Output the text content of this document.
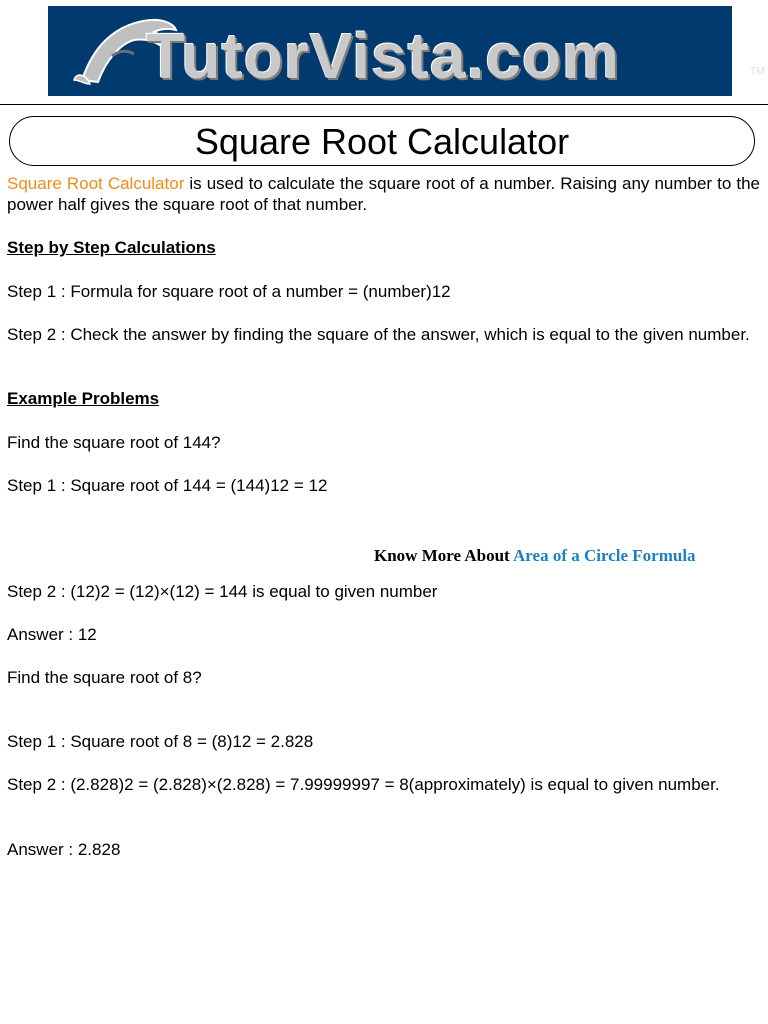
TutorVista.com	TM
Square Root Calculator

Square Root Calculator is used to calculate the square root of a number. Raising any number to the power half gives the square root of that number.

Step by Step Calculations

Step 1 : Formula for square root of a number = (number)12

Step 2 : Check the answer by finding the square of the answer, which is equal to the given number.

Example Problems

Find the square root of 144?

Step 1 : Square root of 144 = (144)12 = 12

Know More About Area of a Circle Formula

Step 2 : (12)2 = (12)×(12) = 144 is equal to given number

Answer : 12

Find the square root of 8?

Step 1 : Square root of 8 = (8)12 = 2.828

Step 2 : (2.828)2 = (2.828)×(2.828) = 7.99999997 = 8(approximately) is equal to given number.

Answer : 2.828
